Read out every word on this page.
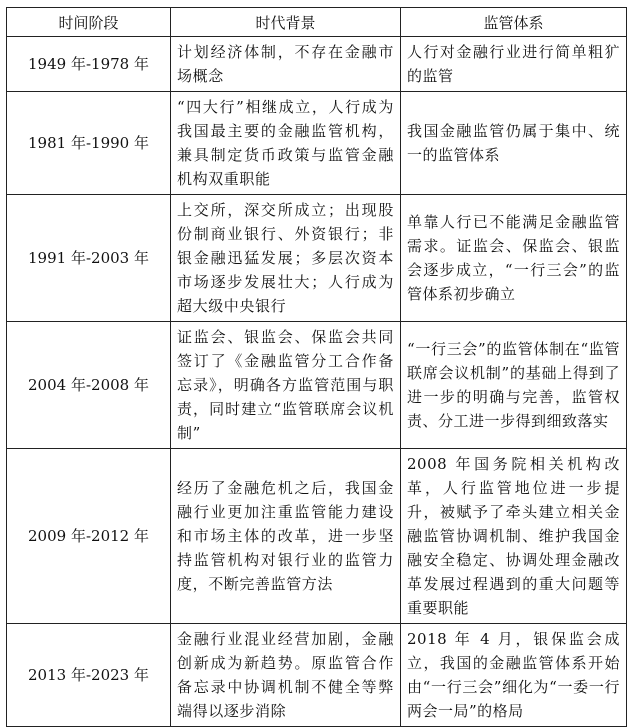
时间阶段	时代背景	监管体系
1949 年-1978 年	计划经济体制，不存在金融市场概念	人行对金融行业进行简单粗犷的监管
1981 年-1990 年	“四大行”相继成立，人行成为我国最主要的金融监管机构，兼具制定货币政策与监管金融机构双重职能	我国金融监管仍属于集中、统一的监管体系
1991 年-2003 年	上交所，深交所成立；出现股份制商业银行、外资银行；非银金融迅猛发展；多层次资本市场逐步发展壮大；人行成为超大级中央银行	单靠人行已不能满足金融监管需求。证监会、保监会、银监会逐步成立，“一行三会”的监管体系初步确立
2004 年-2008 年	证监会、银监会、保监会共同签订了《金融监管分工合作备忘录》，明确各方监管范围与职责，同时建立“监管联席会议机制”	“一行三会”的监管体制在“监管联席会议机制”的基础上得到了进一步的明确与完善，监管权责、分工进一步得到细致落实
2009 年-2012 年	经历了金融危机之后，我国金融行业更加注重监管能力建设和市场主体的改革，进一步坚持监管机构对银行业的监管力度，不断完善监管方法	2008 年国务院相关机构改革，人行监管地位进一步提升，被赋予了牵头建立相关金融监管协调机制、维护我国金融安全稳定、协调处理金融改革发展过程遇到的重大问题等重要职能
2013 年-2023 年	金融行业混业经营加剧，金融创新成为新趋势。原监管合作备忘录中协调机制不健全等弊端得以逐步消除	2018 年 4 月，银保监会成立，我国的金融监管体系开始由“一行三会”细化为“一委一行两会一局”的格局
